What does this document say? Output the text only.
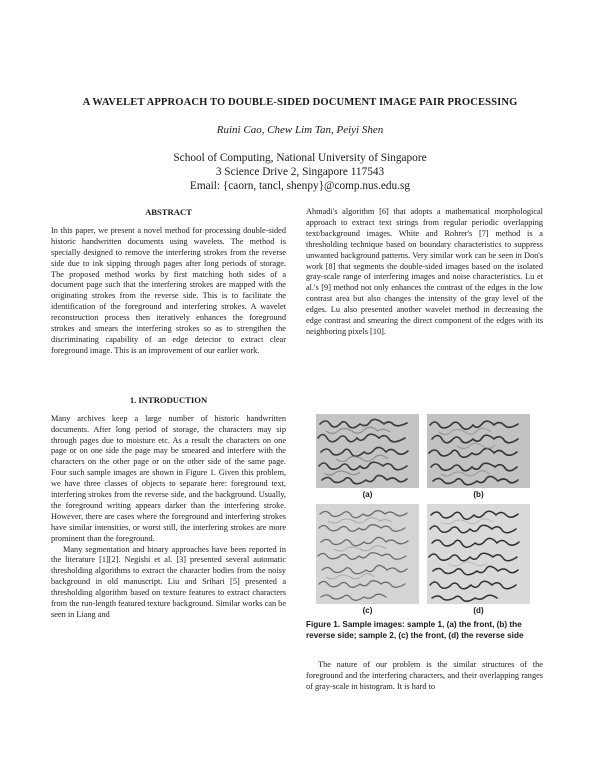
A WAVELET APPROACH TO DOUBLE-SIDED DOCUMENT IMAGE PAIR PROCESSING
Ruini Cao, Chew Lim Tan, Peiyi Shen
School of Computing, National University of Singapore
3 Science Drive 2, Singapore 117543
Email: {caorn, tancl, shenpy}@comp.nus.edu.sg

ABSTRACT

In this paper, we present a novel method for processing double-sided historic handwritten documents using wavelets. The method is specially designed to remove the interfering strokes from the reverse side due to ink sipping through pages after long periods of storage. The proposed method works by first matching both sides of a document page such that the interfering strokes are mapped with the originating strokes from the reverse side. This is to facilitate the identification of the foreground and interfering strokes. A wavelet reconstruction process then iteratively enhances the foreground strokes and smears the interfering strokes so as to strengthen the discriminating capability of an edge detector to extract clear foreground image. This is an improvement of our earlier work.

1. INTRODUCTION

Many archives keep a large number of historic handwritten documents. After long period of storage, the characters may sip through pages due to moisture etc. As a result the characters on one page or on one side the page may be smeared and interfere with the characters on the other page or on the other side of the same page. Four such sample images are shown in Figure 1. Given this problem, we have three classes of objects to separate here: foreground text, interfering strokes from the reverse side, and the background. Usually, the foreground writing appears darker than the interfering stroke. However, there are cases where the foreground and interfering strokes have similar intensities, or worst still, the interfering strokes are more prominent than the foreground.

Many segmentation and binary approaches have been reported in the literature [1][2]. Negishi et al. [3] presented several automatic thresholding algorithms to extract the character bodies from the noisy background in old manuscript. Liu and Srihari [5] presented a thresholding algorithm based on texture features to extract characters from the run-length featured texture background. Similar works can be seen in Liang and

Ahmadi's algorithm [6] that adopts a mathematical morphological approach to extract text strings from regular periodic overlapping text/background images. White and Rohrer's [7] method is a thresholding technique based on boundary characteristics to suppress unwanted background patterns. Very similar work can be seen in Don's work [8] that segments the double-sided images based on the isolated gray-scale range of interfering images and noise characteristics. Lu et al.'s [9] method not only enhances the contrast of the edges in the low contrast area but also changes the intensity of the gray level of the edges. Lu also presented another wavelet method in decreasing the edge contrast and smearing the direct component of the edges with its neighboring pixels [10].

(a)	(b)
(c)	(d)
Figure 1. Sample images: sample 1, (a) the front, (b) the reverse side; sample 2, (c) the front, (d) the reverse side

The nature of our problem is the similar structures of the foreground and the interfering characters, and their overlapping ranges of gray-scale in histogram. It is hard to
